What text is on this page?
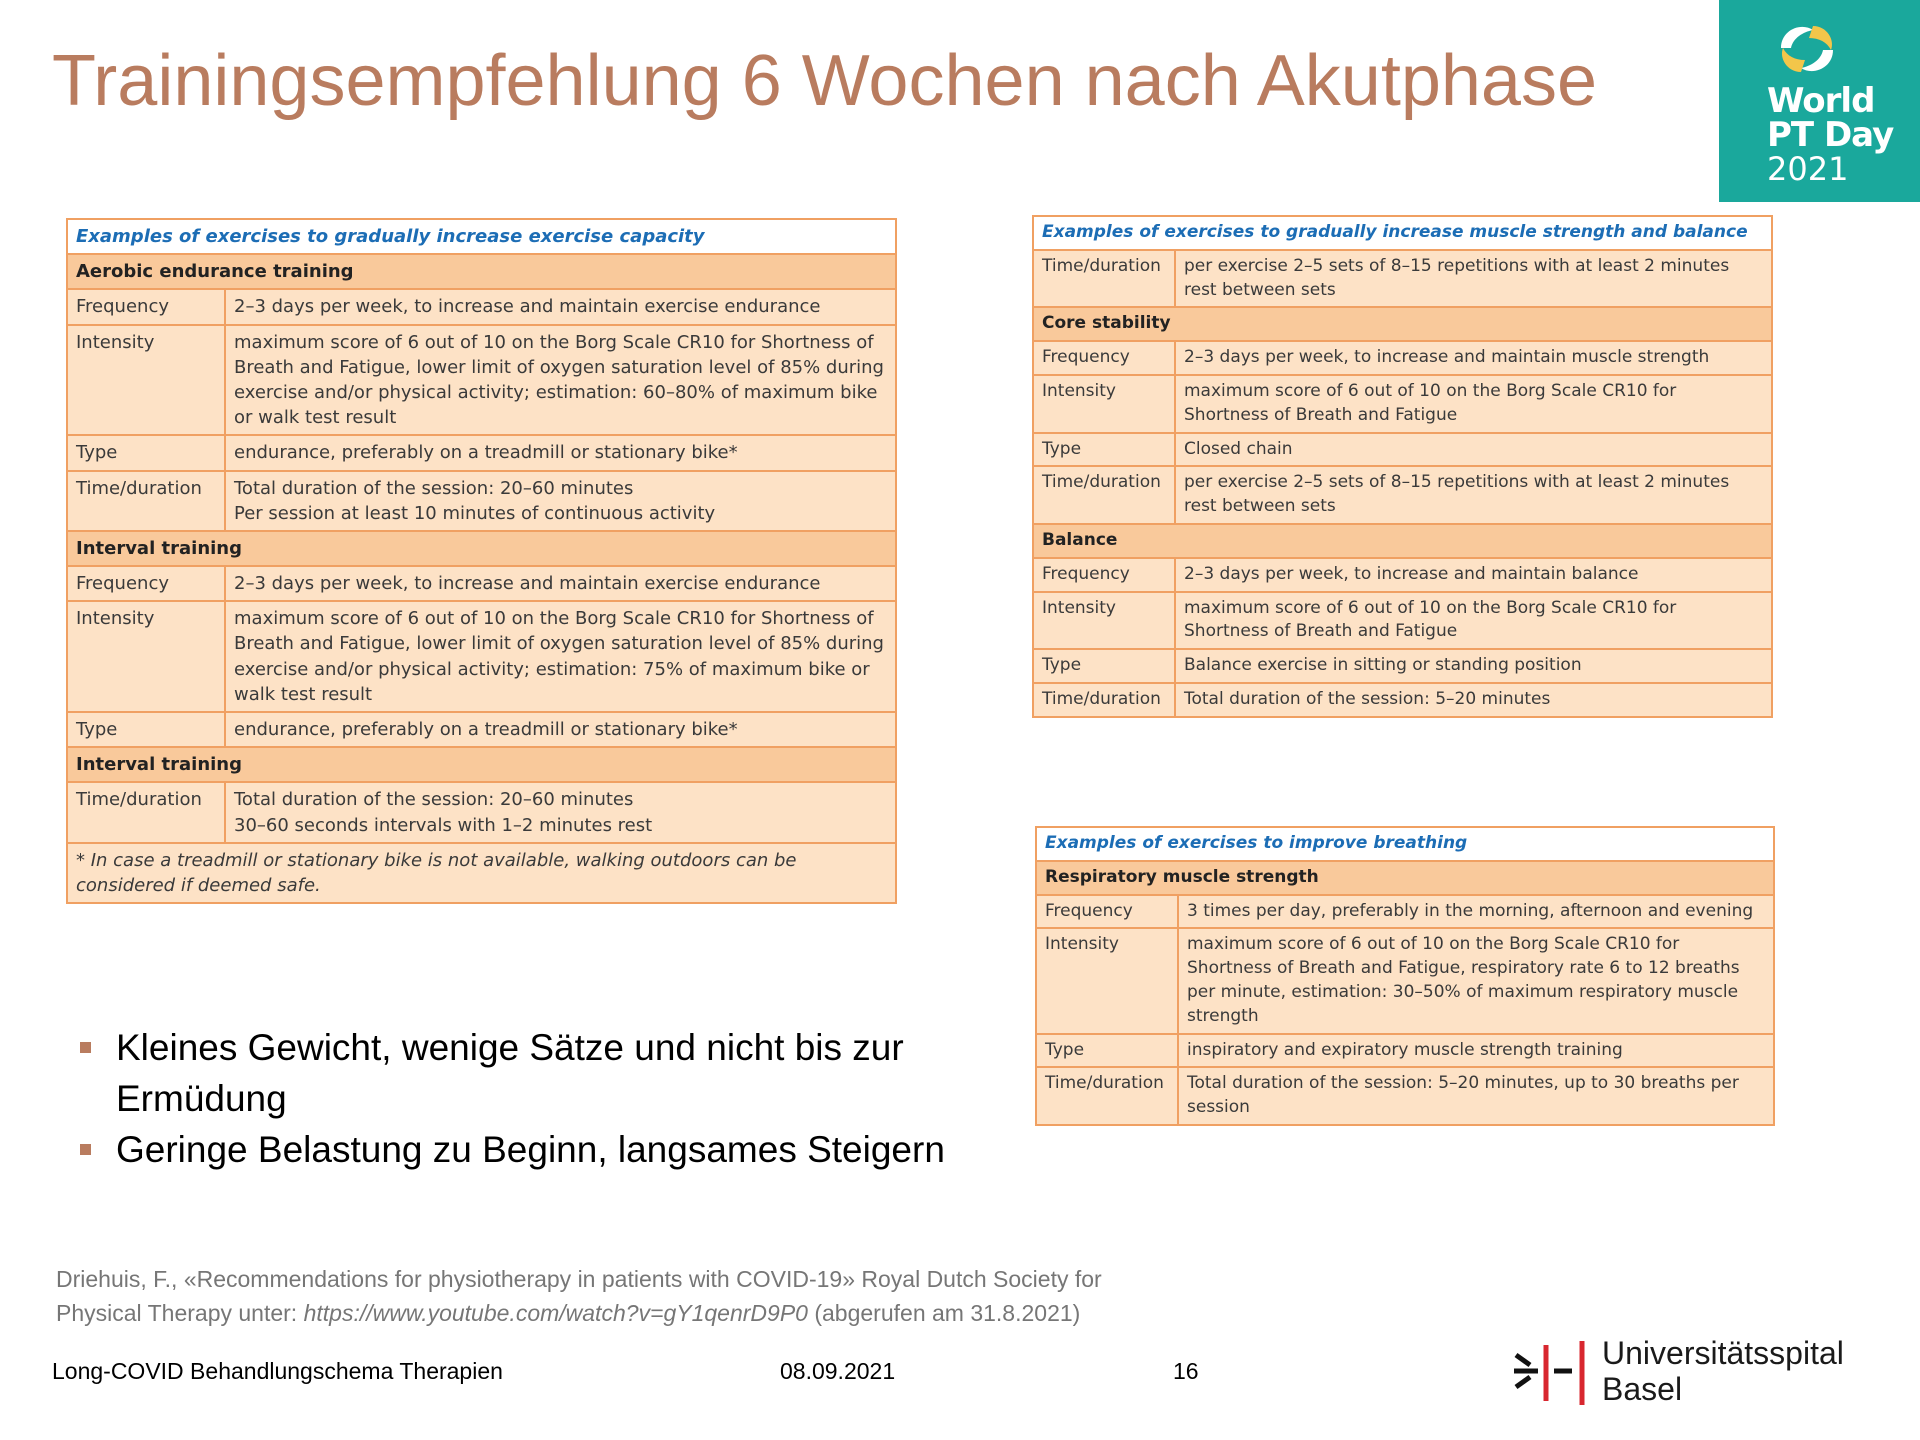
Trainingsempfehlung 6 Wochen nach Akutphase	World
PT Day
2021
Examples of exercises to gradually increase exercise capacity	
Aerobic endurance training	
Frequency	2–3 days per week, to increase and maintain exercise endurance
Intensity	maximum score of 6 out of 10 on the Borg Scale CR10 for Shortness of Breath and Fatigue, lower limit of oxygen saturation level of 85% during exercise and/or physical activity; estimation: 60–80% of maximum bike or walk test result
Type	endurance, preferably on a treadmill or stationary bike*
Time/duration	Total duration of the session: 20–60 minutes
Per session at least 10 minutes of continuous activity

Interval training	
Frequency	2–3 days per week, to increase and maintain exercise endurance
Intensity	maximum score of 6 out of 10 on the Borg Scale CR10 for Shortness of Breath and Fatigue, lower limit of oxygen saturation level of 85% during exercise and/or physical activity; estimation: 75% of maximum bike or walk test result
Type	endurance, preferably on a treadmill or stationary bike*
Interval training	
Time/duration	Total duration of the session: 20–60 minutes
30–60 seconds intervals with 1–2 minutes rest

* In case a treadmill or stationary bike is not available, walking outdoors can be considered if deemed safe.	
Examples of exercises to gradually increase muscle strength and balance	
Time/duration	per exercise 2–5 sets of 8–15 repetitions with at least 2 minutes rest between sets
Core stability	
Frequency	2–3 days per week, to increase and maintain muscle strength
Intensity	maximum score of 6 out of 10 on the Borg Scale CR10 for Shortness of Breath and Fatigue
Type	Closed chain
Time/duration	per exercise 2–5 sets of 8–15 repetitions with at least 2 minutes rest between sets
Balance	
Frequency	2–3 days per week, to increase and maintain balance
Intensity	maximum score of 6 out of 10 on the Borg Scale CR10 for Shortness of Breath and Fatigue
Type	Balance exercise in sitting or standing position
Time/duration	Total duration of the session: 5–20 minutes
Examples of exercises to improve breathing	
Respiratory muscle strength	
Frequency	3 times per day, preferably in the morning, afternoon and evening
Intensity	maximum score of 6 out of 10 on the Borg Scale CR10 for Shortness of Breath and Fatigue, respiratory rate 6 to 12 breaths per minute, estimation: 30–50% of maximum respiratory muscle strength
Type	inspiratory and expiratory muscle strength training
Time/duration	Total duration of the session: 5–20 minutes, up to 30 breaths per session
Kleines Gewicht, wenige Sätze und nicht bis zur Ermüdung
Geringe Belastung zu Beginn, langsames Steigern
Driehuis, F., «Recommendations for physiotherapy in patients with COVID-19» Royal Dutch Society for Physical Therapy unter: https://www.youtube.com/watch?v=gY1qenrD9P0 (abgerufen am 31.8.2021)
Long-COVID Behandlungschema Therapien	08.09.2021	16	Universitätsspital
Basel
